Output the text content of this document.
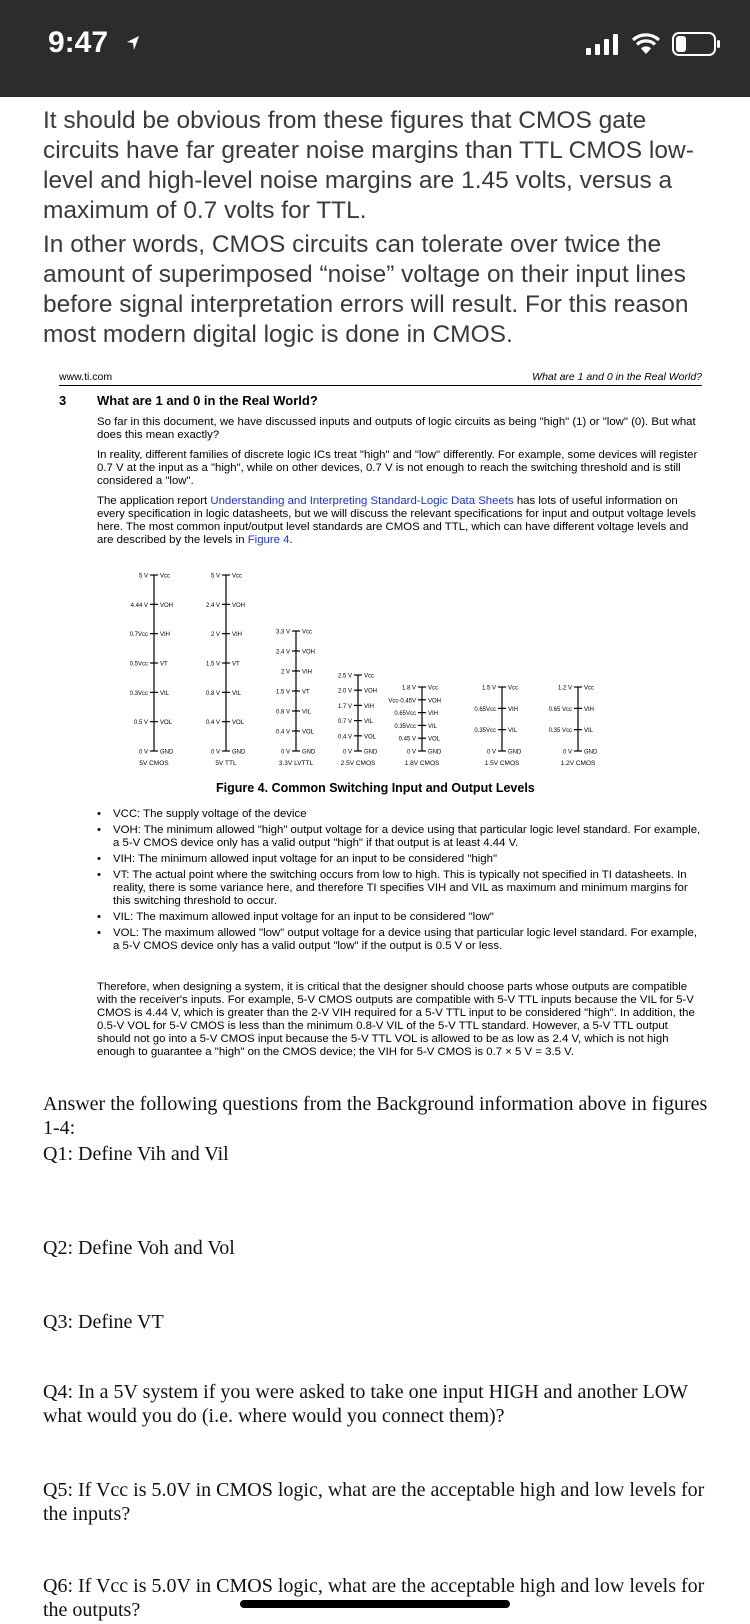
9:47

It should be obvious from these figures that CMOS gate circuits have far greater noise margins than TTL CMOS low-level and high-level noise margins are 1.45 volts, versus a maximum of 0.7 volts for TTL.

In other words, CMOS circuits can tolerate over twice the amount of superimposed “noise” voltage on their input lines before signal interpretation errors will result. For this reason most modern digital logic is done in CMOS.

www.ti.com	What are 1 and 0 in the Real World?
3 What are 1 and 0 in the Real World?

So far in this document, we have discussed inputs and outputs of logic circuits as being "high" (1) or "low" (0). But what does this mean exactly?

In reality, different families of discrete logic ICs treat "high" and "low" differently. For example, some devices will register 0.7 V at the input as a "high", while on other devices, 0.7 V is not enough to reach the switching threshold and is still considered a "low".

The application report Understanding and Interpreting Standard-Logic Data Sheets has lots of useful information on every specification in logic datasheets, but we will discuss the relevant specifications for input and output voltage levels here. The most common input/output level standards are CMOS and TTL, which can have different voltage levels and are described by the levels in Figure 4.

5 V Vcc
4.44 V VOH
0.7Vcc VIH
0.5Vcc VT
0.3Vcc VIL
0.5 V VOL
0 V GND
5V CMOS
5 V Vcc
2.4 V VOH
2 V VIH
1.5 V VT
0.8 V VIL
0.4 V VOL
0 V GND
5V TTL
3.3 V Vcc
2.4 V VOH
2 V VIH
1.5 V VT
0.8 V VIL
0.4 V VOL
0 V GND
3.3V LVTTL
2.5 V Vcc
2.0 V VOH
1.7 V VIH
0.7 V VIL
0.4 V VOL
0 V GND
2.5V CMOS
1.8 V Vcc
Vcc-0.45V VOH
0.65Vcc VIH
0.35Vcc VIL
0.45 V VOL
0 V GND
1.8V CMOS
1.5 V Vcc
0.65Vcc VIH
0.35Vcc VIL
0 V GND
1.5V CMOS
1.2 V Vcc
0.65 Vcc VIH
0.35 Vcc VIL
0 V GND
1.2V CMOS
Figure 4. Common Switching Input and Output Levels
• VCC: The supply voltage of the device
• VOH: The minimum allowed "high" output voltage for a device using that particular logic level standard. For example, a 5-V CMOS device only has a valid output "high" if that output is at least 4.44 V.
• VIH: The minimum allowed input voltage for an input to be considered "high"
• VT: The actual point where the switching occurs from low to high. This is typically not specified in TI datasheets. In reality, there is some variance here, and therefore TI specifies VIH and VIL as maximum and minimum margins for this switching threshold to occur.
• VIL: The maximum allowed input voltage for an input to be considered "low"
• VOL: The maximum allowed "low" output voltage for a device using that particular logic level standard. For example, a 5-V CMOS device only has a valid output "low" if the output is 0.5 V or less.

Therefore, when designing a system, it is critical that the designer should choose parts whose outputs are compatible with the receiver's inputs. For example, 5-V CMOS outputs are compatible with 5-V TTL inputs because the VIL for 5-V CMOS is 4.44 V, which is greater than the 2-V VIH required for a 5-V TTL input to be considered "high". In addition, the 0.5-V VOL for 5-V CMOS is less than the minimum 0.8-V VIL of the 5-V TTL standard. However, a 5-V TTL output should not go into a 5-V CMOS input because the 5-V TTL VOL is allowed to be as low as 2.4 V, which is not high enough to guarantee a "high" on the CMOS device; the VIH for 5-V CMOS is 0.7 × 5 V = 3.5 V.

Answer the following questions from the Background information above in figures 1-4:

Q1: Define Vih and Vil

Q2: Define Voh and Vol

Q3: Define VT

Q4: In a 5V system if you were asked to take one input HIGH and another LOW what would you do (i.e. where would you connect them)?

Q5: If Vcc is 5.0V in CMOS logic, what are the acceptable high and low levels for the inputs?

Q6: If Vcc is 5.0V in CMOS logic, what are the acceptable high and low levels for the outputs?
